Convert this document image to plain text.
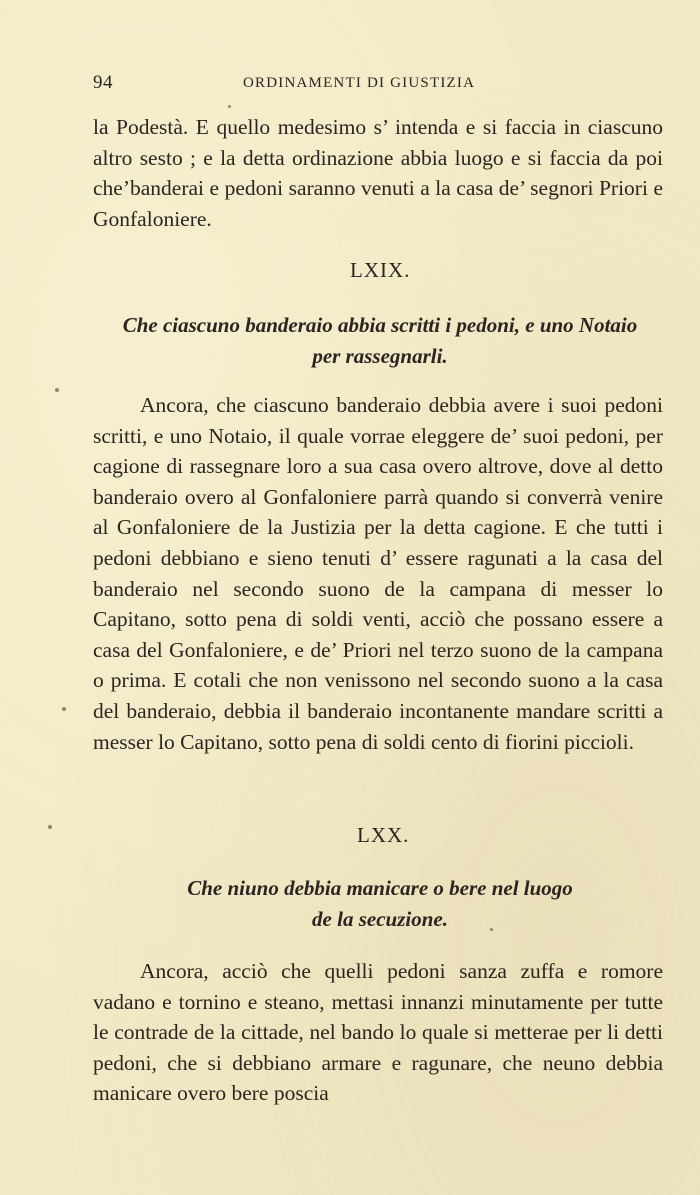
94	ORDINAMENTI DI GIUSTIZIA
la Podestà. E quello medesimo s’ intenda e si faccia in ciascuno altro sesto ; e la detta ordinazione abbia luogo e si faccia da poi che’banderai e pedoni saranno venuti a la casa de’ segnori Priori e Gonfaloniere.
LXIX.
Che ciascuno banderaio abbia scritti i pedoni, e uno Notaio
per rassegnarli.
Ancora, che ciascuno banderaio debbia avere i suoi pedoni scritti, e uno Notaio, il quale vorrae eleggere de’ suoi pedoni, per cagione di rassegnare loro a sua casa overo altrove, dove al detto banderaio overo al Gonfaloniere parrà quando si converrà venire al Gonfaloniere de la Justizia per la detta cagione. E che tutti i pedoni debbiano e sieno tenuti d’ essere ragunati a la casa del banderaio nel secondo suono de la campana di messer lo Capitano, sotto pena di soldi venti, acciò che possano essere a casa del Gonfaloniere, e de’ Priori nel terzo suono de la campana o prima. E cotali che non venissono nel secondo suono a la casa del banderaio, debbia il banderaio incontanente mandare scritti a messer lo Capitano, sotto pena di soldi cento di fiorini piccioli.
LXX.
Che niuno debbia manicare o bere nel luogo
de la secuzione.
Ancora, acciò che quelli pedoni sanza zuffa e romore vadano e tornino e steano, mettasi innanzi minutamente per tutte le contrade de la cittade, nel bando lo quale si metterae per li detti pedoni, che si debbiano armare e ragunare, che neuno debbia manicare overo bere poscia
